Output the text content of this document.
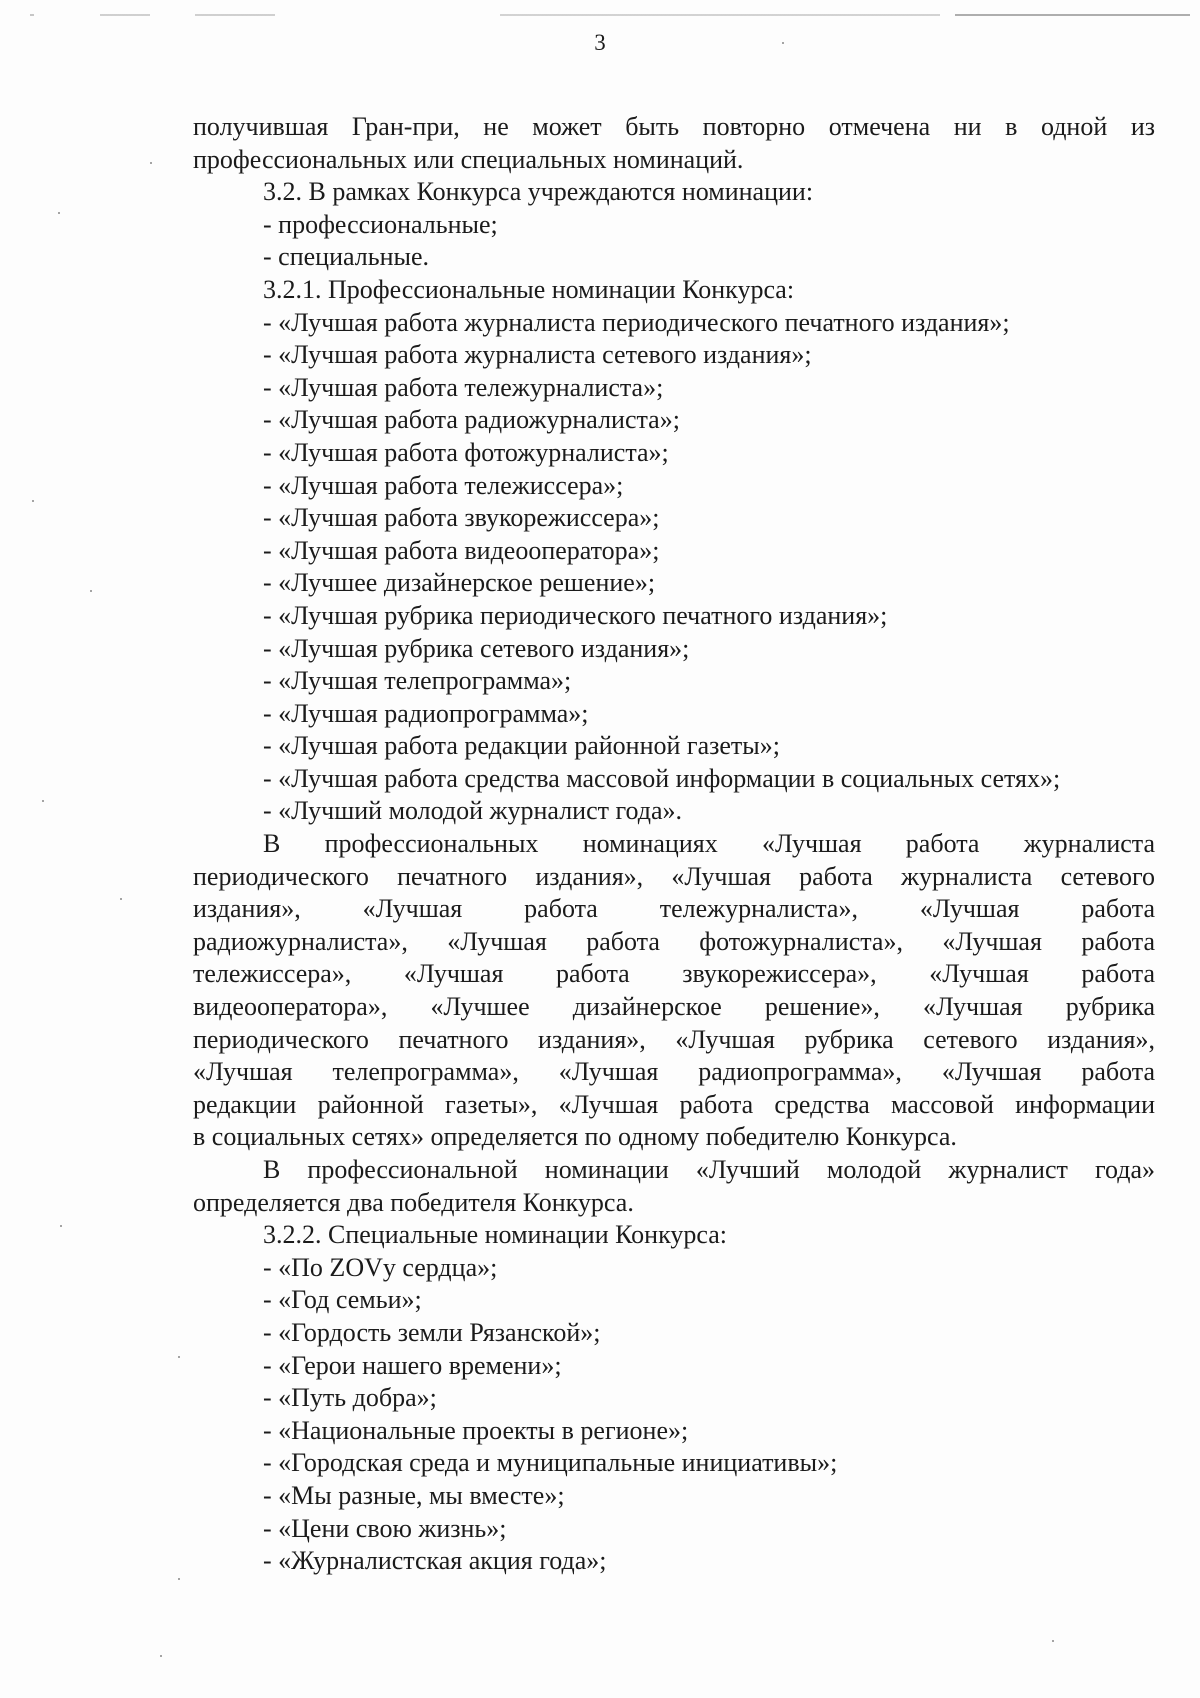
3
получившая Гран-при, не может быть повторно отмечена ни в одной из
профессиональных или специальных номинаций.
3.2. В рамках Конкурса учреждаются номинации:
- профессиональные;
- специальные.
3.2.1. Профессиональные номинации Конкурса:
- «Лучшая работа журналиста периодического печатного издания»;
- «Лучшая работа журналиста сетевого издания»;
- «Лучшая работа тележурналиста»;
- «Лучшая работа радиожурналиста»;
- «Лучшая работа фотожурналиста»;
- «Лучшая работа тележиссера»;
- «Лучшая работа звукорежиссера»;
- «Лучшая работа видеооператора»;
- «Лучшее дизайнерское решение»;
- «Лучшая рубрика периодического печатного издания»;
- «Лучшая рубрика сетевого издания»;
- «Лучшая телепрограмма»;
- «Лучшая радиопрограмма»;
- «Лучшая работа редакции районной газеты»;
- «Лучшая работа средства массовой информации в социальных сетях»;
- «Лучший молодой журналист года».
В профессиональных номинациях «Лучшая работа журналиста
периодического печатного издания», «Лучшая работа журналиста сетевого
издания», «Лучшая работа тележурналиста», «Лучшая работа
радиожурналиста», «Лучшая работа фотожурналиста», «Лучшая работа
тележиссера», «Лучшая работа звукорежиссера», «Лучшая работа
видеооператора», «Лучшее дизайнерское решение», «Лучшая рубрика
периодического печатного издания», «Лучшая рубрика сетевого издания»,
«Лучшая телепрограмма», «Лучшая радиопрограмма», «Лучшая работа
редакции районной газеты», «Лучшая работа средства массовой информации
в социальных сетях» определяется по одному победителю Конкурса.
В профессиональной номинации «Лучший молодой журналист года»
определяется два победителя Конкурса.
3.2.2. Специальные номинации Конкурса:
- «По ZOVу сердца»;
- «Год семьи»;
- «Гордость земли Рязанской»;
- «Герои нашего времени»;
- «Путь добра»;
- «Национальные проекты в регионе»;
- «Городская среда и муниципальные инициативы»;
- «Мы разные, мы вместе»;
- «Цени свою жизнь»;
- «Журналистская акция года»;
